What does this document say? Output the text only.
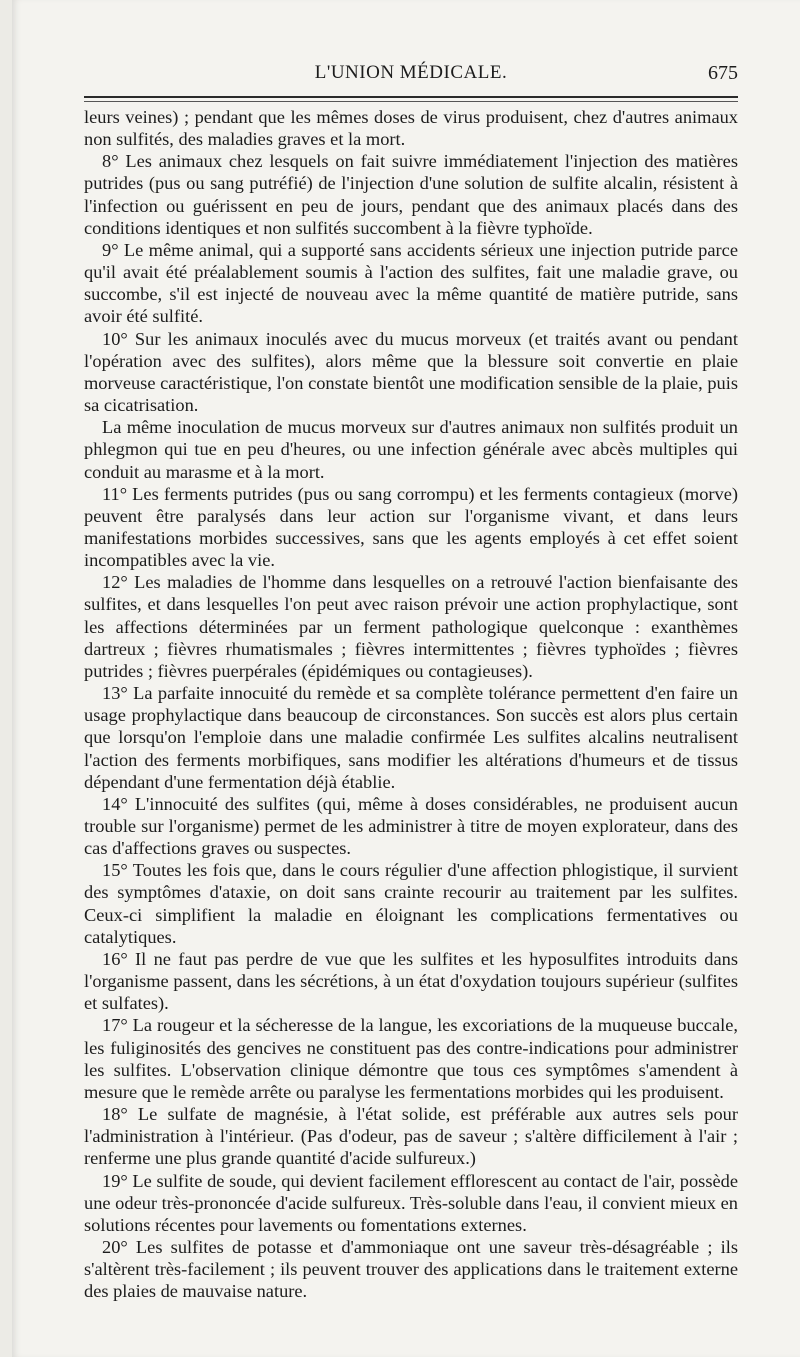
L'UNION MÉDICALE.	675

leurs veines) ; pendant que les mêmes doses de virus produisent, chez d'autres animaux non sulfités, des maladies graves et la mort.

8° Les animaux chez lesquels on fait suivre immédiatement l'injection des matières putrides (pus ou sang putréfié) de l'injection d'une solution de sulfite alcalin, résistent à l'infection ou guérissent en peu de jours, pendant que des animaux placés dans des conditions identiques et non sulfités succombent à la fièvre typhoïde.

9° Le même animal, qui a supporté sans accidents sérieux une injection putride parce qu'il avait été préalablement soumis à l'action des sulfites, fait une maladie grave, ou succombe, s'il est injecté de nouveau avec la même quantité de matière putride, sans avoir été sulfité.

10° Sur les animaux inoculés avec du mucus morveux (et traités avant ou pendant l'opération avec des sulfites), alors même que la blessure soit convertie en plaie morveuse caractéristique, l'on constate bientôt une modification sensible de la plaie, puis sa cicatrisation.

La même inoculation de mucus morveux sur d'autres animaux non sulfités produit un phlegmon qui tue en peu d'heures, ou une infection générale avec abcès multiples qui conduit au marasme et à la mort.

11° Les ferments putrides (pus ou sang corrompu) et les ferments contagieux (morve) peuvent être paralysés dans leur action sur l'organisme vivant, et dans leurs manifestations morbides successives, sans que les agents employés à cet effet soient incompatibles avec la vie.

12° Les maladies de l'homme dans lesquelles on a retrouvé l'action bienfaisante des sulfites, et dans lesquelles l'on peut avec raison prévoir une action prophylactique, sont les affections déterminées par un ferment pathologique quelconque : exanthèmes dartreux ; fièvres rhumatismales ; fièvres intermittentes ; fièvres typhoïdes ; fièvres putrides ; fièvres puerpérales (épidémiques ou contagieuses).

13° La parfaite innocuité du remède et sa complète tolérance permettent d'en faire un usage prophylactique dans beaucoup de circonstances. Son succès est alors plus certain que lorsqu'on l'emploie dans une maladie confirmée Les sulfites alcalins neutralisent l'action des ferments morbifiques, sans modifier les altérations d'humeurs et de tissus dépendant d'une fermentation déjà établie.

14° L'innocuité des sulfites (qui, même à doses considérables, ne produisent aucun trouble sur l'organisme) permet de les administrer à titre de moyen explorateur, dans des cas d'affections graves ou suspectes.

15° Toutes les fois que, dans le cours régulier d'une affection phlogistique, il survient des symptômes d'ataxie, on doit sans crainte recourir au traitement par les sulfites. Ceux-ci simplifient la maladie en éloignant les complications fermentatives ou catalytiques.

16° Il ne faut pas perdre de vue que les sulfites et les hyposulfites introduits dans l'organisme passent, dans les sécrétions, à un état d'oxydation toujours supérieur (sulfites et sulfates).

17° La rougeur et la sécheresse de la langue, les excoriations de la muqueuse buccale, les fuliginosités des gencives ne constituent pas des contre-indications pour administrer les sulfites. L'observation clinique démontre que tous ces symptômes s'amendent à mesure que le remède arrête ou paralyse les fermentations morbides qui les produisent.

18° Le sulfate de magnésie, à l'état solide, est préférable aux autres sels pour l'administration à l'intérieur. (Pas d'odeur, pas de saveur ; s'altère difficilement à l'air ; renferme une plus grande quantité d'acide sulfureux.)

19° Le sulfite de soude, qui devient facilement efflorescent au contact de l'air, possède une odeur très-prononcée d'acide sulfureux. Très-soluble dans l'eau, il convient mieux en solutions récentes pour lavements ou fomentations externes.

20° Les sulfites de potasse et d'ammoniaque ont une saveur très-désagréable ; ils s'altèrent très-facilement ; ils peuvent trouver des applications dans le traitement externe des plaies de mauvaise nature.
